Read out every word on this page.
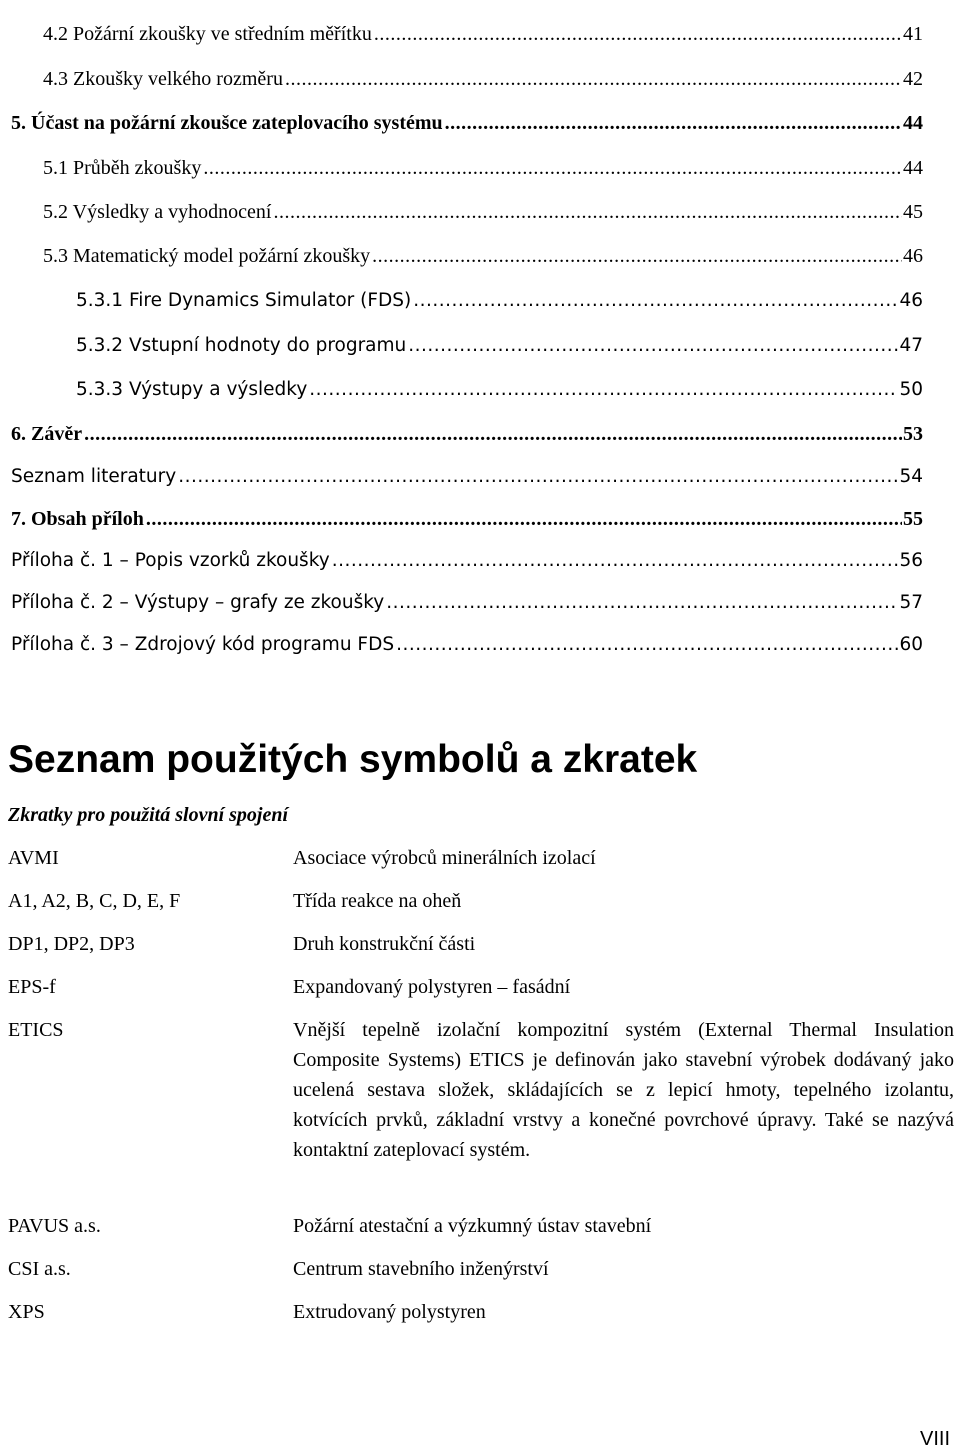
4.2 Požární zkoušky ve středním měřítku .....	41
4.3 Zkoušky velkého rozměru .....	42
5. Účast na požární zkoušce zateplovacího systému .....	44
5.1 Průběh zkoušky .....	44
5.2 Výsledky a vyhodnocení .....	45
5.3 Matematický model požární zkoušky .....	46
5.3.1 Fire Dynamics Simulator (FDS) .....	46
5.3.2 Vstupní hodnoty do programu .....	47
5.3.3 Výstupy a výsledky .....	50
6. Závěr .....	53
Seznam literatury .....	54
7. Obsah příloh .....	55
Příloha č. 1 – Popis vzorků zkoušky .....	56
Příloha č. 2 – Výstupy – grafy ze zkoušky .....	57
Příloha č. 3 – Zdrojový kód programu FDS .....	60
Seznam použitých symbolů a zkratek
Zkratky pro použitá slovní spojení
AVMI	Asociace výrobců minerálních izolací
A1, A2, B, C, D, E, F	Třída reakce na oheň
DP1, DP2, DP3	Druh konstrukční části
EPS-f	Expandovaný polystyren – fasádní
ETICS	Vnější tepelně izolační kompozitní systém (External Thermal Insulation Composite Systems) ETICS je definován jako stavební výrobek dodávaný jako ucelená sestava složek, skládajících se z lepicí hmoty, tepelného izolantu, kotvících prvků, základní vrstvy a konečné povrchové úpravy. Také se nazývá kontaktní zateplovací systém.
PAVUS a.s.	Požární atestační a výzkumný ústav stavební
CSI a.s.	Centrum stavebního inženýrství
XPS	Extrudovaný polystyren
VIII
